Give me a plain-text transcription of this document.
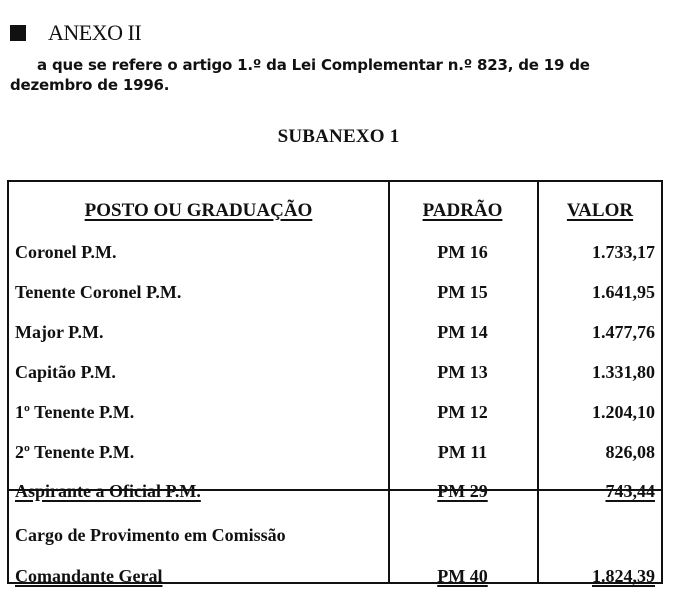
ANEXO II
a que se refere o artigo 1.º da Lei Complementar n.º 823, de 19 de dezembro de 1996.
SUBANEXO 1
POSTO OU GRADUAÇÃO	PADRÃO	VALOR
Coronel P.M.	PM 16	1.733,17
Tenente Coronel P.M.	PM 15	1.641,95
Major P.M.	PM 14	1.477,76
Capitão P.M.	PM 13	1.331,80
1º Tenente P.M.	PM 12	1.204,10
2º Tenente P.M.	PM 11	826,08
Aspirante a Oficial P.M.	PM 29	743,44
Cargo de Provimento em Comissão
Comandante Geral	PM 40	1.824,39
